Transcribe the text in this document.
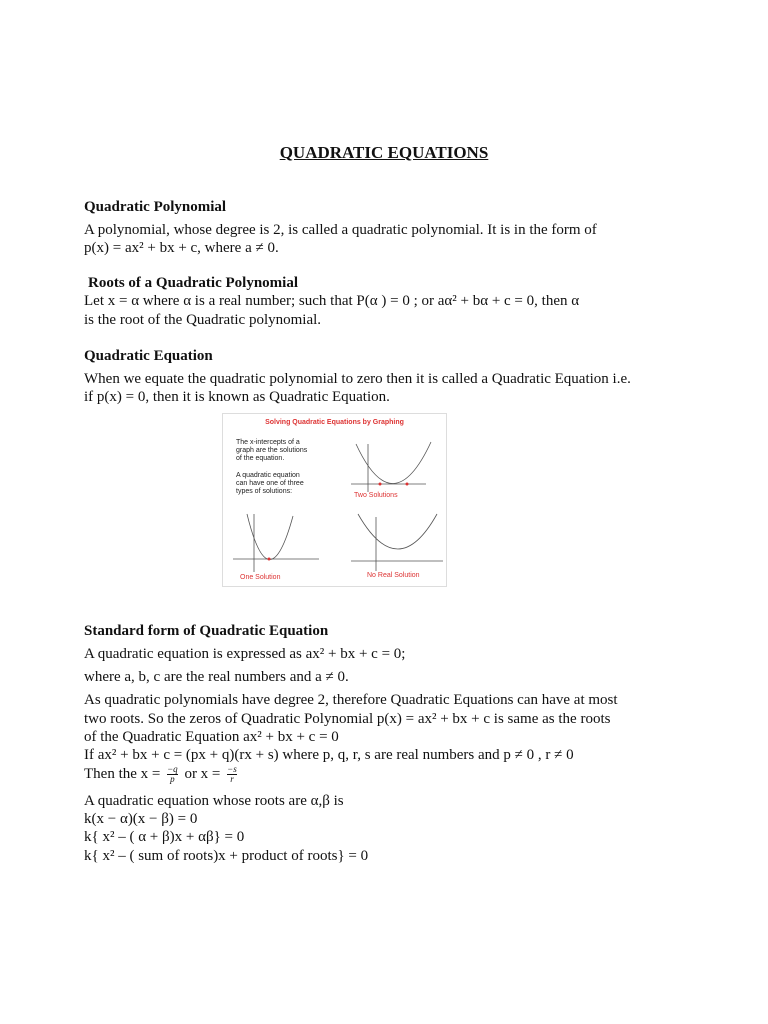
QUADRATIC EQUATIONS
Quadratic Polynomial
A polynomial, whose degree is 2, is called a quadratic polynomial. It is in the form of
p(x) = ax² + bx + c, where a ≠ 0.
Roots of a Quadratic Polynomial
Let x = α where α is a real number; such that P(α ) = 0 ; or aα² + bα + c = 0, then α
is the root of the Quadratic polynomial.
Quadratic Equation
When we equate the quadratic polynomial to zero then it is called a Quadratic Equation i.e.
if p(x) = 0, then it is known as Quadratic Equation.
Solving Quadratic Equations by Graphing
The x-intercepts of a
graph are the solutions
of the equation.
A quadratic equation
can have one of three
types of solutions:
Two Solutions
One Solution	No Real Solution
Standard form of Quadratic Equation
A quadratic equation is expressed as ax² + bx + c = 0;
where a, b, c are the real numbers and a ≠ 0.
As quadratic polynomials have degree 2, therefore Quadratic Equations can have at most
two roots. So the zeros of Quadratic Polynomial p(x) = ax² + bx + c is same as the roots
of the Quadratic Equation ax² + bx + c = 0
If ax² + bx + c = (px + q)(rx + s) where p, q, r, s are real numbers and p ≠ 0 , r ≠ 0
Then the $x = \frac{-q}{p}$ or $x = \frac{-s}{r}$
A quadratic equation whose roots are α,β is
k(x − α)(x − β) = 0
k{ x² – ( α + β)x + αβ} = 0
k{ x² – ( sum of roots)x + product of roots} = 0
